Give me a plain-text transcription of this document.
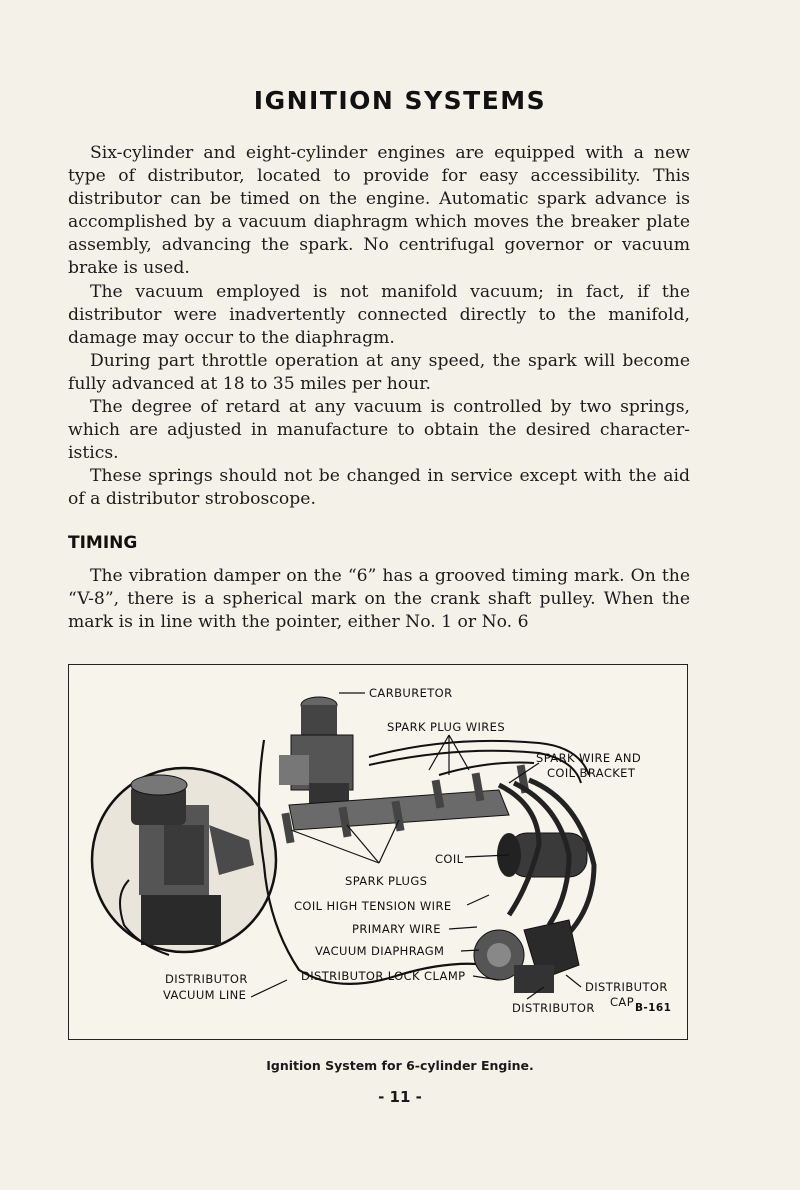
IGNITION SYSTEMS

Six-cylinder and eight-cylinder engines are equipped with a new type of distributor, located to provide for easy accessibility. This distributor can be timed on the engine. Automatic spark advance is accomplished by a vacuum diaphragm which moves the breaker plate assembly, advancing the spark. No centrifugal governor or vacuum brake is used.

The vacuum employed is not manifold vacuum; in fact, if the distributor were inadvertently connected directly to the manifold, damage may occur to the diaphragm.

During part throttle operation at any speed, the spark will become fully advanced at 18 to 35 miles per hour.

The degree of retard at any vacuum is controlled by two springs, which are adjusted in manufacture to obtain the desired character-istics.

These springs should not be changed in service except with the aid of a distributor stroboscope.

TIMING

The vibration damper on the “6” has a grooved timing mark. On the “V-8”, there is a spherical mark on the crank shaft pulley. When the mark is in line with the pointer, either No. 1 or No. 6

CARBURETOR
SPARK PLUG WIRES
SPARK WIRE AND
COIL BRACKET
COIL
SPARK PLUGS
COIL HIGH TENSION WIRE
PRIMARY WIRE
VACUUM DIAPHRAGM
DISTRIBUTOR LOCK CLAMP
DISTRIBUTOR
VACUUM LINE
DISTRIBUTOR
DISTRIBUTOR
CAP B-161
Ignition System for 6-cylinder Engine.
- 11 -
